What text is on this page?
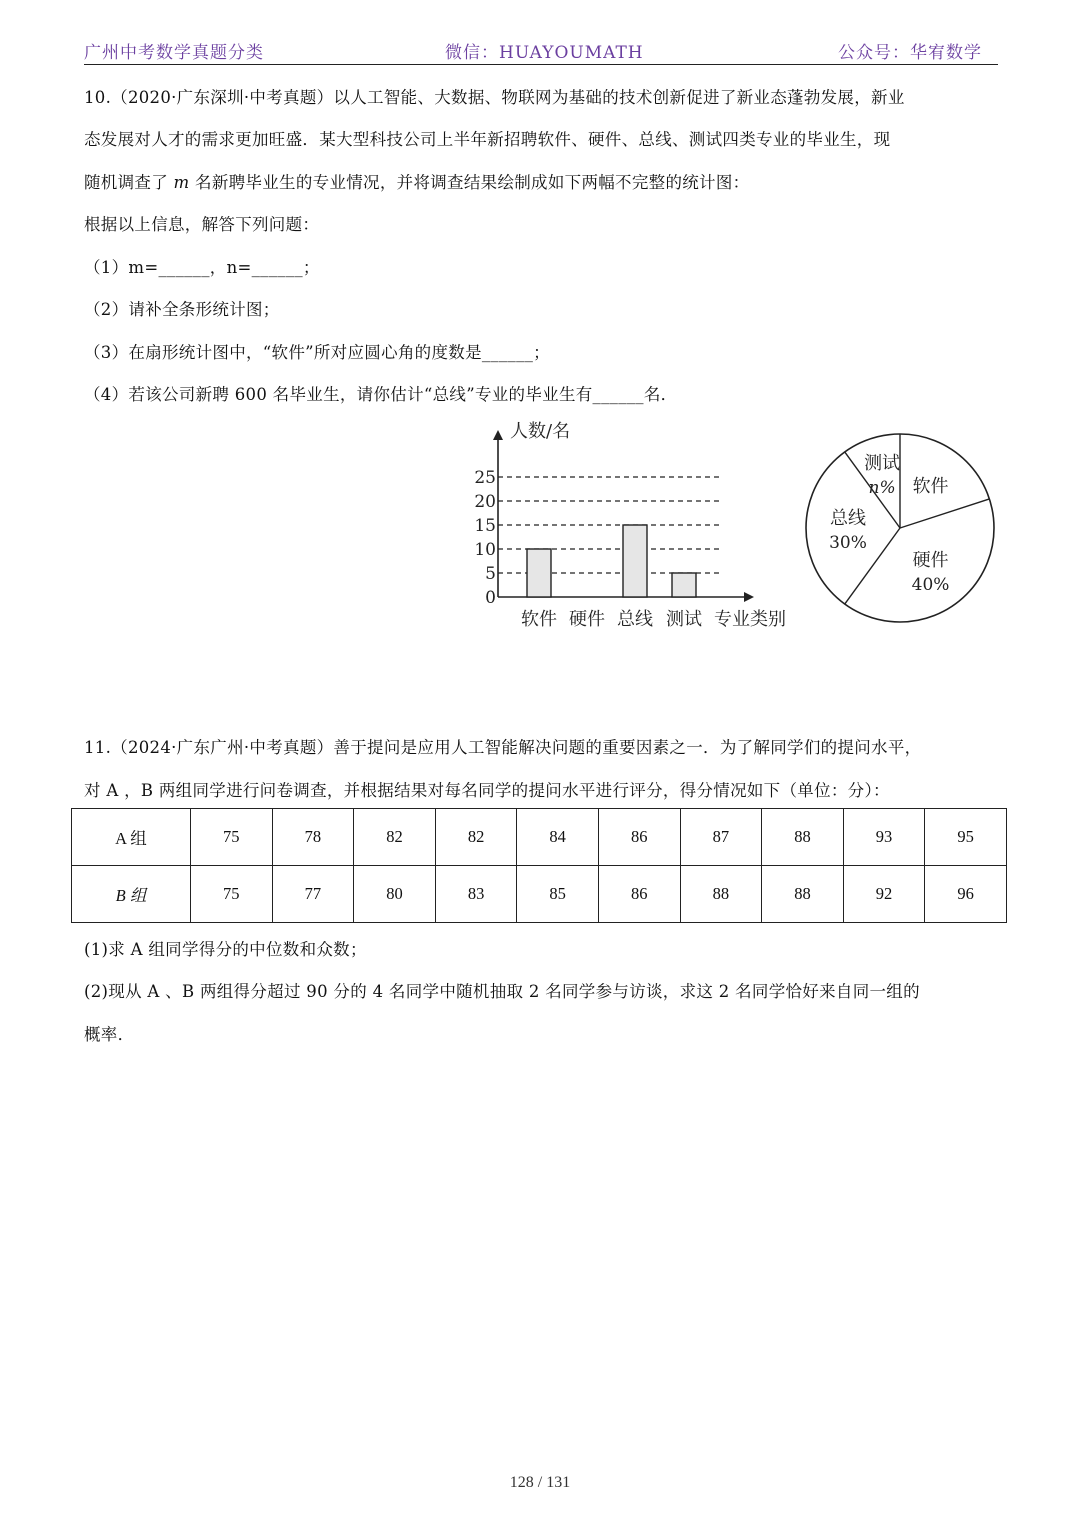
广州中考数学真题分类	微信：HUAYOUMATH	公众号：华宥数学
10.（2020·广东深圳·中考真题）以人工智能、大数据、物联网为基础的技术创新促进了新业态蓬勃发展，新业
态发展对人才的需求更加旺盛．某大型科技公司上半年新招聘软件、硬件、总线、测试四类专业的毕业生，现
随机调查了 m 名新聘毕业生的专业情况，并将调查结果绘制成如下两幅不完整的统计图：
根据以上信息，解答下列问题：
（1）m=______，n=______；
（2）请补全条形统计图；
（3）在扇形统计图中，“软件”所对应圆心角的度数是______；
（4）若该公司新聘 600 名毕业生，请你估计“总线”专业的毕业生有______名．
0
5
10
15
20
25
软件 硬件 总线 测试
人数/名
专业类别
测试
n% 软件
硬件
40%
总线
30%
11.（2024·广东广州·中考真题）善于提问是应用人工智能解决问题的重要因素之一．为了解同学们的提问水平，
对 A ，B 两组同学进行问卷调查，并根据结果对每名同学的提问水平进行评分，得分情况如下（单位：分）：
A 组	75	78	82	82	84	86	87	88	93	95
B 组	75	77	80	83	85	86	88	88	92	96
(1)求 A 组同学得分的中位数和众数；
(2)现从 A 、B 两组得分超过 90 分的 4 名同学中随机抽取 2 名同学参与访谈，求这 2 名同学恰好来自同一组的
概率．
128 / 131
